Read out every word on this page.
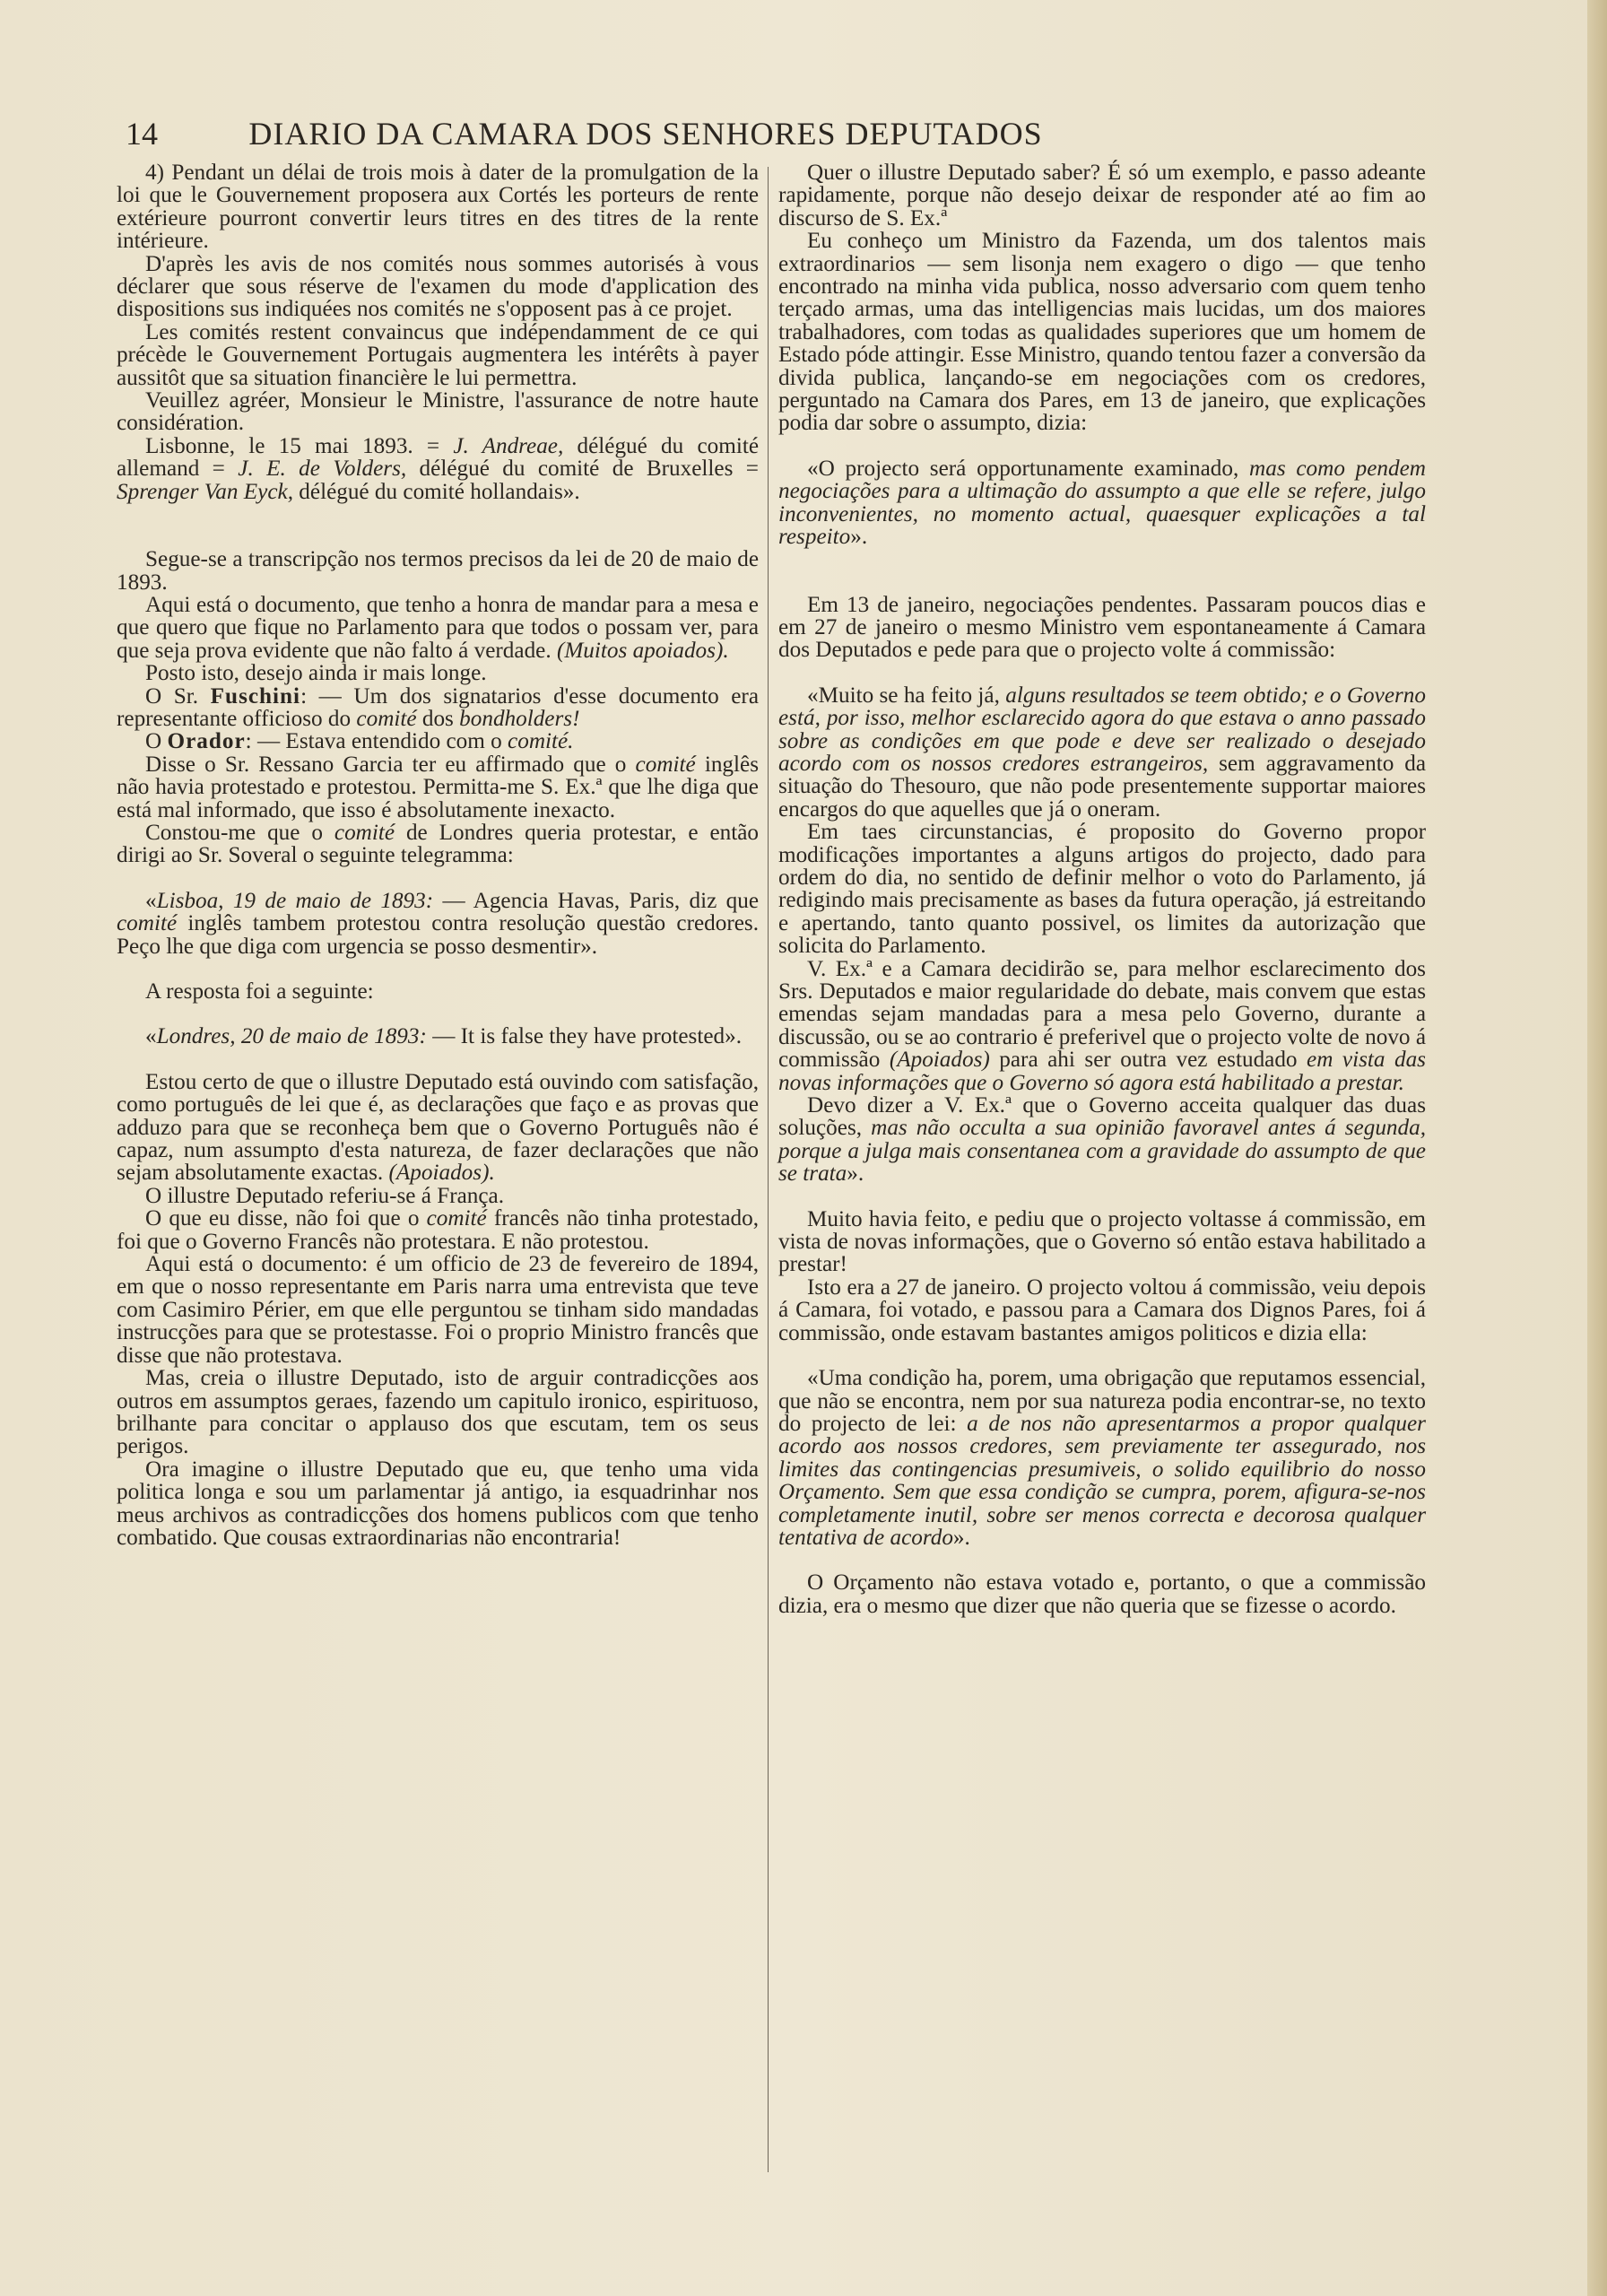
14	DIARIO DA CAMARA DOS SENHORES DEPUTADOS

4) Pendant un délai de trois mois à dater de la promulgation de la loi que le Gouvernement proposera aux Cortés les porteurs de rente extérieure pourront convertir leurs titres en des titres de la rente intérieure.

D'après les avis de nos comités nous sommes autorisés à vous déclarer que sous réserve de l'examen du mode d'application des dispositions sus indiquées nos comités ne s'opposent pas à ce projet.

Les comités restent convaincus que indépendamment de ce qui précède le Gouvernement Portugais augmentera les intérêts à payer aussitôt que sa situation financière le lui permettra.

Veuillez agréer, Monsieur le Ministre, l'assurance de notre haute considération.

Lisbonne, le 15 mai 1893. = J. Andreae, délégué du comité allemand = J. E. de Volders, délégué du comité de Bruxelles = Sprenger Van Eyck, délégué du comité hollandais».

Segue-se a transcripção nos termos precisos da lei de 20 de maio de 1893.

Aqui está o documento, que tenho a honra de mandar para a mesa e que quero que fique no Parlamento para que todos o possam ver, para que seja prova evidente que não falto á verdade. (Muitos apoiados).

Posto isto, desejo ainda ir mais longe.

O Sr. Fuschini: — Um dos signatarios d'esse documento era representante officioso do comité dos bondholders!

O Orador: — Estava entendido com o comité.

Disse o Sr. Ressano Garcia ter eu affirmado que o comité inglês não havia protestado e protestou. Permitta-me S. Ex.ª que lhe diga que está mal informado, que isso é absolutamente inexacto.

Constou-me que o comité de Londres queria protestar, e então dirigi ao Sr. Soveral o seguinte telegramma:

«Lisboa, 19 de maio de 1893: — Agencia Havas, Paris, diz que comité inglês tambem protestou contra resolução questão credores. Peço lhe que diga com urgencia se posso desmentir».

A resposta foi a seguinte:

«Londres, 20 de maio de 1893: — It is false they have protested».

Estou certo de que o illustre Deputado está ouvindo com satisfação, como português de lei que é, as declarações que faço e as provas que adduzo para que se reconheça bem que o Governo Português não é capaz, num assumpto d'esta natureza, de fazer declarações que não sejam absolutamente exactas. (Apoiados).

O illustre Deputado referiu-se á França.

O que eu disse, não foi que o comité francês não tinha protestado, foi que o Governo Francês não protestara. E não protestou.

Aqui está o documento: é um officio de 23 de fevereiro de 1894, em que o nosso representante em Paris narra uma entrevista que teve com Casimiro Périer, em que elle perguntou se tinham sido mandadas instrucções para que se protestasse. Foi o proprio Ministro francês que disse que não protestava.

Mas, creia o illustre Deputado, isto de arguir contradicções aos outros em assumptos geraes, fazendo um capitulo ironico, espirituoso, brilhante para concitar o applauso dos que escutam, tem os seus perigos.

Ora imagine o illustre Deputado que eu, que tenho uma vida politica longa e sou um parlamentar já antigo, ia esquadrinhar nos meus archivos as contradicções dos homens publicos com que tenho combatido. Que cousas extraordinarias não encontraria!

Quer o illustre Deputado saber? É só um exemplo, e passo adeante rapidamente, porque não desejo deixar de responder até ao fim ao discurso de S. Ex.ª

Eu conheço um Ministro da Fazenda, um dos talentos mais extraordinarios — sem lisonja nem exagero o digo — que tenho encontrado na minha vida publica, nosso adversario com quem tenho terçado armas, uma das intelligencias mais lucidas, um dos maiores trabalhadores, com todas as qualidades superiores que um homem de Estado póde attingir. Esse Ministro, quando tentou fazer a conversão da divida publica, lançando-se em negociações com os credores, perguntado na Camara dos Pares, em 13 de janeiro, que explicações podia dar sobre o assumpto, dizia:

«O projecto será opportunamente examinado, mas como pendem negociações para a ultimação do assumpto a que elle se refere, julgo inconvenientes, no momento actual, quaesquer explicações a tal respeito».

Em 13 de janeiro, negociações pendentes. Passaram poucos dias e em 27 de janeiro o mesmo Ministro vem espontaneamente á Camara dos Deputados e pede para que o projecto volte á commissão:

«Muito se ha feito já, alguns resultados se teem obtido; e o Governo está, por isso, melhor esclarecido agora do que estava o anno passado sobre as condições em que pode e deve ser realizado o desejado acordo com os nossos credores estrangeiros, sem aggravamento da situação do Thesouro, que não pode presentemente supportar maiores encargos do que aquelles que já o oneram.

Em taes circunstancias, é proposito do Governo propor modificações importantes a alguns artigos do projecto, dado para ordem do dia, no sentido de definir melhor o voto do Parlamento, já redigindo mais precisamente as bases da futura operação, já estreitando e apertando, tanto quanto possivel, os limites da autorização que solicita do Parlamento.

V. Ex.ª e a Camara decidirão se, para melhor esclarecimento dos Srs. Deputados e maior regularidade do debate, mais convem que estas emendas sejam mandadas para a mesa pelo Governo, durante a discussão, ou se ao contrario é preferivel que o projecto volte de novo á commissão (Apoiados) para ahi ser outra vez estudado em vista das novas informações que o Governo só agora está habilitado a prestar.

Devo dizer a V. Ex.ª que o Governo acceita qualquer das duas soluções, mas não occulta a sua opinião favoravel antes á segunda, porque a julga mais consentanea com a gravidade do assumpto de que se trata».

Muito havia feito, e pediu que o projecto voltasse á commissão, em vista de novas informações, que o Governo só então estava habilitado a prestar!

Isto era a 27 de janeiro. O projecto voltou á commissão, veiu depois á Camara, foi votado, e passou para a Camara dos Dignos Pares, foi á commissão, onde estavam bastantes amigos politicos e dizia ella:

«Uma condição ha, porem, uma obrigação que reputamos essencial, que não se encontra, nem por sua natureza podia encontrar-se, no texto do projecto de lei: a de nos não apresentarmos a propor qualquer acordo aos nossos credores, sem previamente ter assegurado, nos limites das contingencias presumiveis, o solido equilibrio do nosso Orçamento. Sem que essa condição se cumpra, porem, afigura-se-nos completamente inutil, sobre ser menos correcta e decorosa qualquer tentativa de acordo».

O Orçamento não estava votado e, portanto, o que a commissão dizia, era o mesmo que dizer que não queria que se fizesse o acordo.
